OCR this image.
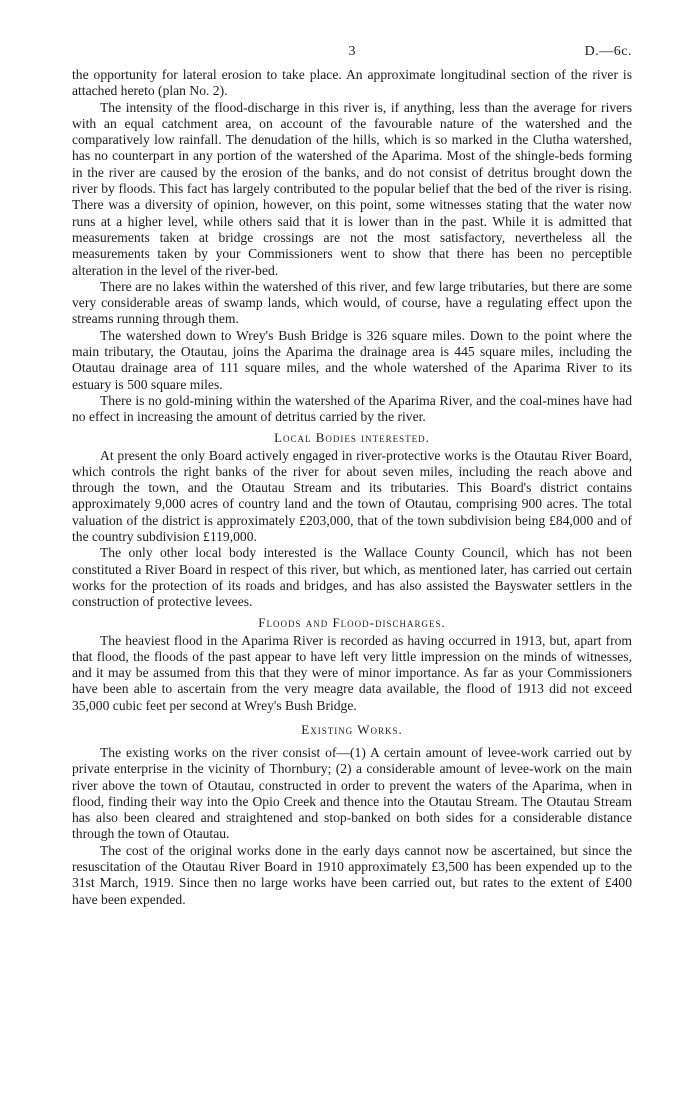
3	D.—6c.

the opportunity for lateral erosion to take place. An approximate longitudinal section of the river is attached hereto (plan No. 2).

The intensity of the flood-discharge in this river is, if anything, less than the average for rivers with an equal catchment area, on account of the favourable nature of the watershed and the comparatively low rainfall. The denudation of the hills, which is so marked in the Clutha watershed, has no counterpart in any portion of the watershed of the Aparima. Most of the shingle-beds forming in the river are caused by the erosion of the banks, and do not consist of detritus brought down the river by floods. This fact has largely contributed to the popular belief that the bed of the river is rising. There was a diversity of opinion, however, on this point, some witnesses stating that the water now runs at a higher level, while others said that it is lower than in the past. While it is admitted that measurements taken at bridge crossings are not the most satisfactory, nevertheless all the measurements taken by your Commissioners went to show that there has been no perceptible alteration in the level of the river-bed.

There are no lakes within the watershed of this river, and few large tributaries, but there are some very considerable areas of swamp lands, which would, of course, have a regulating effect upon the streams running through them.

The watershed down to Wrey's Bush Bridge is 326 square miles. Down to the point where the main tributary, the Otautau, joins the Aparima the drainage area is 445 square miles, including the Otautau drainage area of 111 square miles, and the whole watershed of the Aparima River to its estuary is 500 square miles.

There is no gold-mining within the watershed of the Aparima River, and the coal-mines have had no effect in increasing the amount of detritus carried by the river.

Local Bodies interested.

At present the only Board actively engaged in river-protective works is the Otautau River Board, which controls the right banks of the river for about seven miles, including the reach above and through the town, and the Otautau Stream and its tributaries. This Board's district contains approximately 9,000 acres of country land and the town of Otautau, comprising 900 acres. The total valuation of the district is approximately £203,000, that of the town subdivision being £84,000 and of the country subdivision £119,000.

The only other local body interested is the Wallace County Council, which has not been constituted a River Board in respect of this river, but which, as mentioned later, has carried out certain works for the protection of its roads and bridges, and has also assisted the Bayswater settlers in the construction of protective levees.

Floods and Flood-discharges.

The heaviest flood in the Aparima River is recorded as having occurred in 1913, but, apart from that flood, the floods of the past appear to have left very little impression on the minds of witnesses, and it may be assumed from this that they were of minor importance. As far as your Commissioners have been able to ascertain from the very meagre data available, the flood of 1913 did not exceed 35,000 cubic feet per second at Wrey's Bush Bridge.

Existing Works.

The existing works on the river consist of—(1) A certain amount of levee-work carried out by private enterprise in the vicinity of Thornbury; (2) a considerable amount of levee-work on the main river above the town of Otautau, constructed in order to prevent the waters of the Aparima, when in flood, finding their way into the Opio Creek and thence into the Otautau Stream. The Otautau Stream has also been cleared and straightened and stop-banked on both sides for a considerable distance through the town of Otautau.

The cost of the original works done in the early days cannot now be ascertained, but since the resuscitation of the Otautau River Board in 1910 approximately £3,500 has been expended up to the 31st March, 1919. Since then no large works have been carried out, but rates to the extent of £400 have been expended.
